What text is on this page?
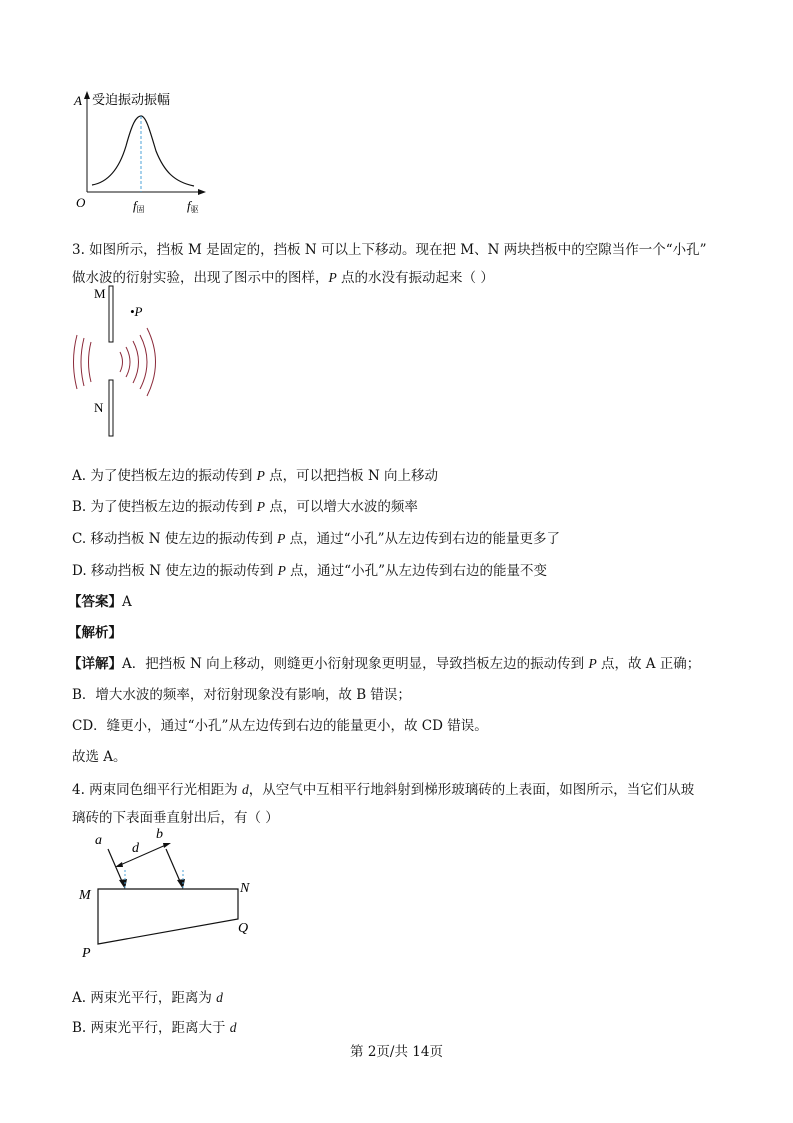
A 受迫振动振幅
O	f固	f驱
3. 如图所示，挡板 M 是固定的，挡板 N 可以上下移动。现在把 M、N 两块挡板中的空隙当作一个“小孔”
做水波的衍射实验，出现了图示中的图样，P 点的水没有振动起来（ ）
M
N
•P
A. 为了使挡板左边的振动传到 P 点，可以把挡板 N 向上移动
B. 为了使挡板左边的振动传到 P 点，可以增大水波的频率
C. 移动挡板 N 使左边的振动传到 P 点，通过“小孔”从左边传到右边的能量更多了
D. 移动挡板 N 使左边的振动传到 P 点，通过“小孔”从左边传到右边的能量不变
【答案】A
【解析】
【详解】A．把挡板 N 向上移动，则缝更小衍射现象更明显，导致挡板左边的振动传到 P 点，故 A 正确；
B．增大水波的频率，对衍射现象没有影响，故 B 错误；
CD．缝更小，通过“小孔”从左边传到右边的能量更小，故 CD 错误。
故选 A。
4. 两束同色细平行光相距为 d，从空气中互相平行地斜射到梯形玻璃砖的上表面，如图所示，当它们从玻
璃砖的下表面垂直射出后，有（ ）
a	b
d
M	N
Q
P
A. 两束光平行，距离为 d
B. 两束光平行，距离大于 d
第 2页/共 14页
